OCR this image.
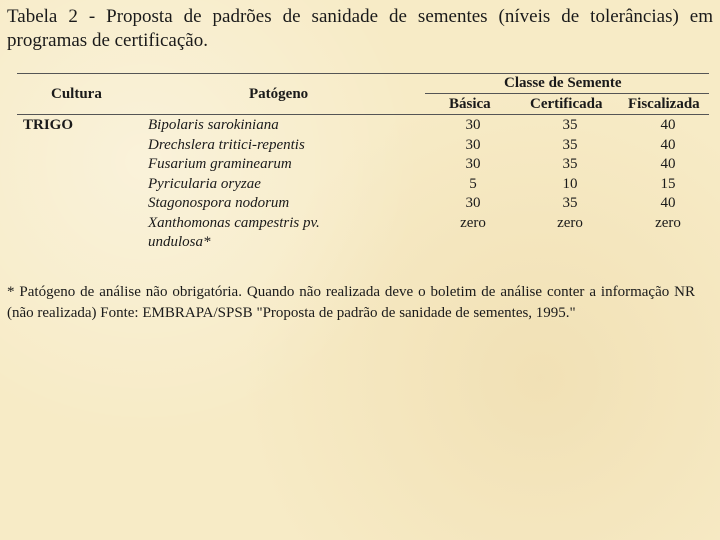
Tabela 2 - Proposta de padrões de sanidade de sementes (níveis de tolerâncias) em programas de certificação.
Cultura	Patógeno
Classe de Semente
Básica	Certificada Fiscalizada
TRIGO	Bipolaris sarokiniana	30	35	40
Drechslera tritici-repentis	30	35	40
Fusarium graminearum	30	35	40
Pyricularia oryzae	5	10	15
Stagonospora nodorum	30	35	40
Xanthomonas campestris pv.	zero	zero	zero
undulosa*
* Patógeno de análise não obrigatória. Quando não realizada deve o boletim de análise conter a informação NR (não realizada) Fonte: EMBRAPA/SPSB "Proposta de padrão de sanidade de sementes, 1995."
